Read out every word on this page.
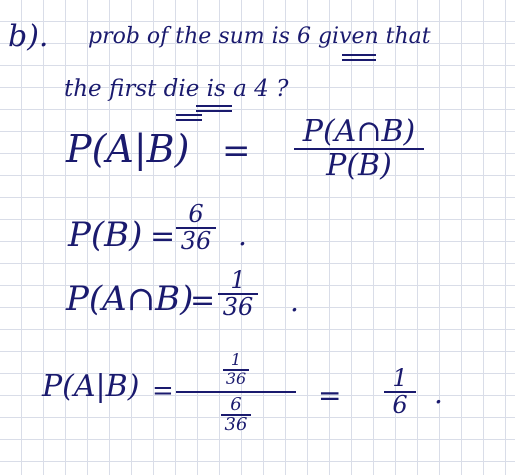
b). prob of the sum is 6 given that
the first die is a 4 ?
P(A|B) = P(A∩B)
P(B)
P(B) =
6
36 .
P(A∩B)
=
1
36 .
P(A|B) =
$\frac{1}{36}$
$\frac{6}{36}$
=
1
6 .
